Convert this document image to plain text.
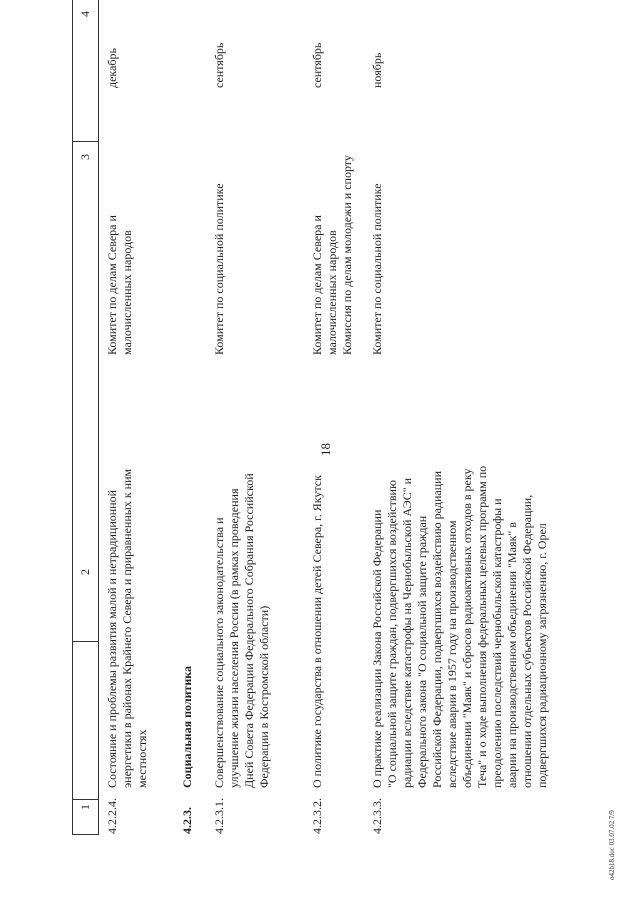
18

1

2

3

4

4.2.2.4.

Состояние и проблемы развития малой и нетрадиционной энергетики в районах Крайнего Севера и приравненных к ним местностях
Комитет по делам Севера и малочисленных народов

декабрь

4.2.3.

Социальная политика

4.2.3.1.

Совершенствование социального законодательства и улучшение жизни населения России (в рамках проведения Дней Совета Федерации Федерального Собрания Российской Федерации в Костромской области)
Комитет по социальной политике

сентябрь

4.2.3.2.

О политике государства в отношении детей Севера, г. Якутск
Комитет по делам Севера и малочисленных народов Комиссия по делам молодежи и спорту

сентябрь

4.2.3.3.

О практике реализации Закона Российской Федерации "О социальной защите граждан, подвергшихся воздействию радиации вследствие катастрофы на Чернобыльской АЭС" и Федерального закона "О социальной защите граждан Российской Федерации, подвергшихся воздействию радиации вследствие аварии в 1957 году на производственном объединении "Маяк" и сбросов радиоактивных отходов в реку Теча" и о ходе выполнения федеральных целевых программ по преодолению последствий чернобыльской катастрофы и аварии на производственном объединении "Маяк" в отношении отдельных субъектов Российской Федерации, подвергшихся радиационному загрязнению, г. Орел
Комитет по социальной политике

ноябрь

o42b18.doc 03.07.02 7/9
